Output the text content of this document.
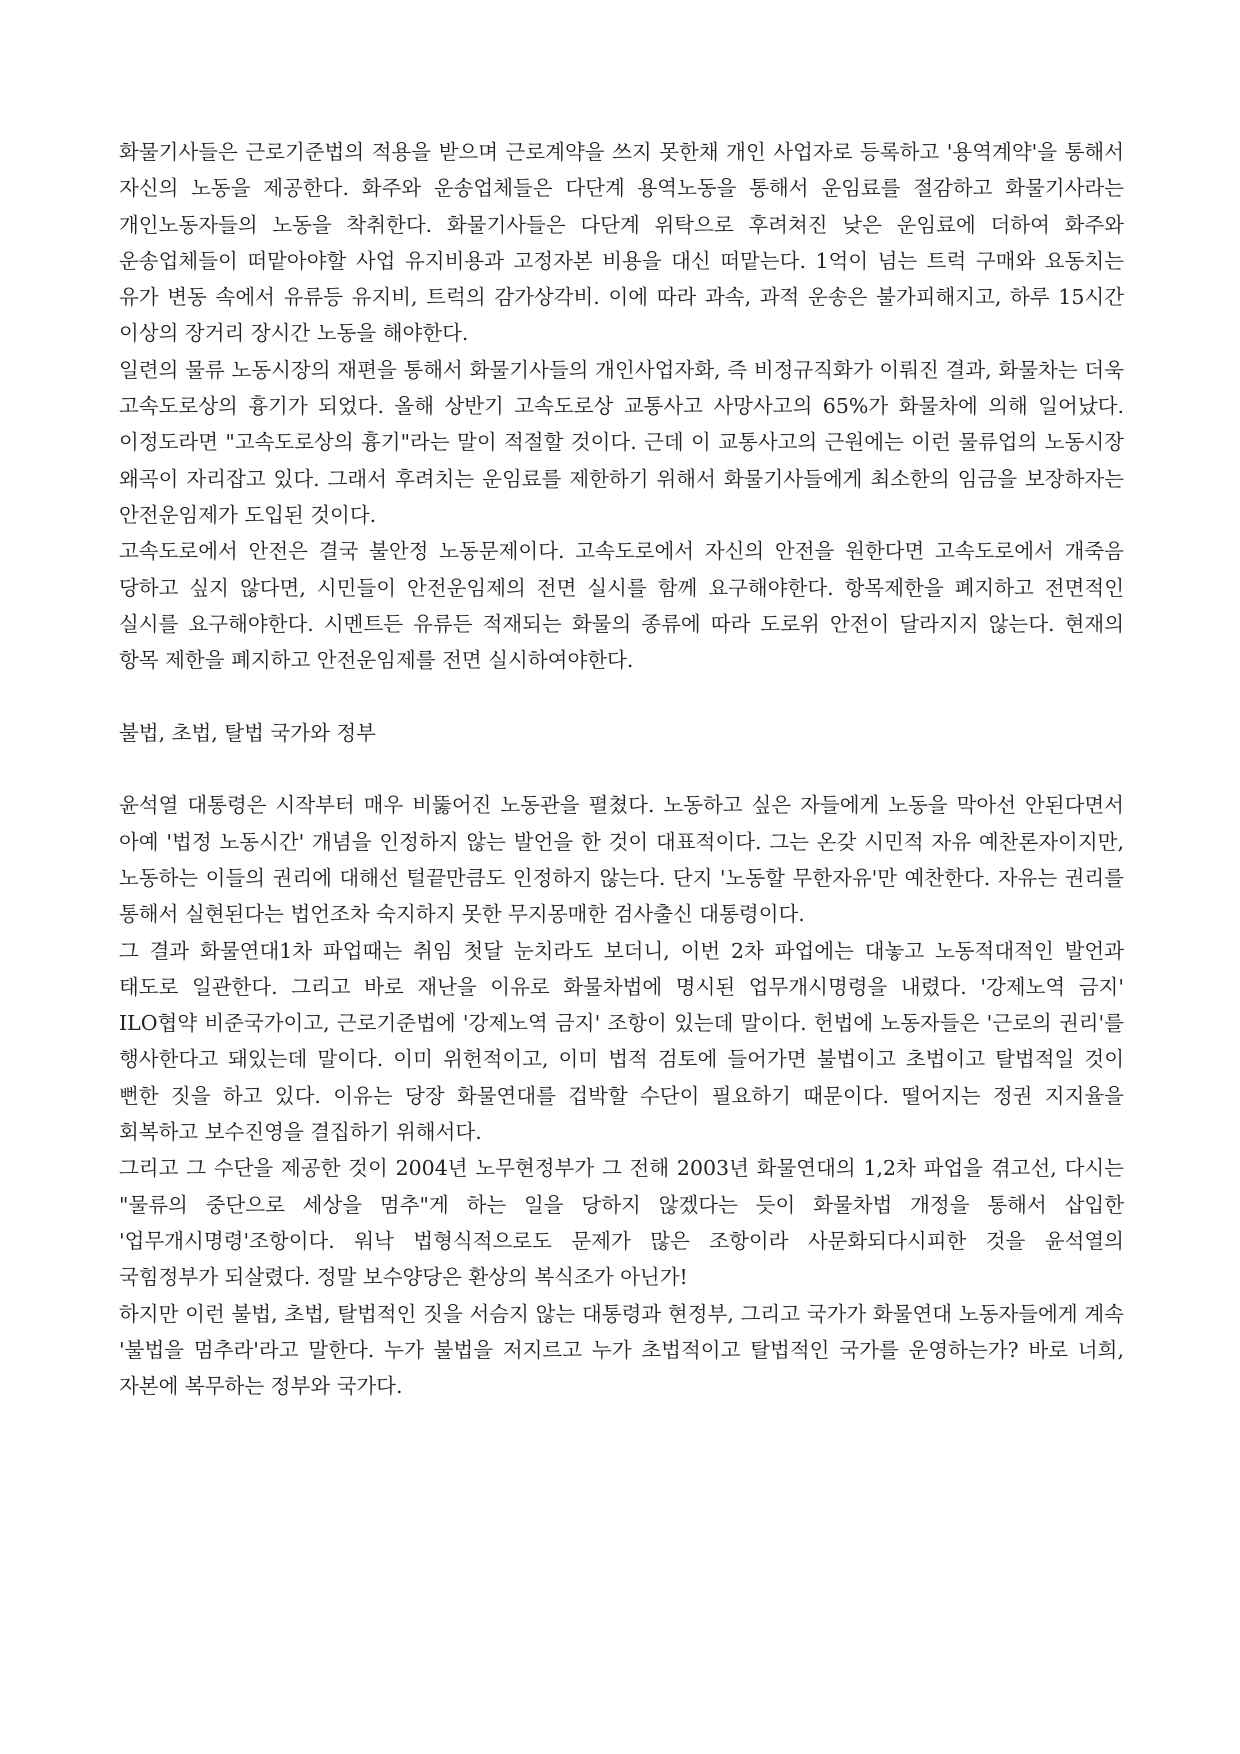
화물기사들은 근로기준법의 적용을 받으며 근로계약을 쓰지 못한채 개인 사업자로 등록하고 '용역계약'을 통해서 자신의 노동을 제공한다. 화주와 운송업체들은 다단계 용역노동을 통해서 운임료를 절감하고 화물기사라는 개인노동자들의 노동을 착취한다. 화물기사들은 다단계 위탁으로 후려쳐진 낮은 운임료에 더하여 화주와 운송업체들이 떠맡아야할 사업 유지비용과 고정자본 비용을 대신 떠맡는다. 1억이 넘는 트럭 구매와 요동치는 유가 변동 속에서 유류등 유지비, 트럭의 감가상각비. 이에 따라 과속, 과적 운송은 불가피해지고, 하루 15시간 이상의 장거리 장시간 노동을 해야한다.

일련의 물류 노동시장의 재편을 통해서 화물기사들의 개인사업자화, 즉 비정규직화가 이뤄진 결과, 화물차는 더욱 고속도로상의 흉기가 되었다. 올해 상반기 고속도로상 교통사고 사망사고의 65%가 화물차에 의해 일어났다. 이정도라면 "고속도로상의 흉기"라는 말이 적절할 것이다. 근데 이 교통사고의 근원에는 이런 물류업의 노동시장 왜곡이 자리잡고 있다. 그래서 후려치는 운임료를 제한하기 위해서 화물기사들에게 최소한의 임금을 보장하자는 안전운임제가 도입된 것이다.

고속도로에서 안전은 결국 불안정 노동문제이다. 고속도로에서 자신의 안전을 원한다면 고속도로에서 개죽음 당하고 싶지 않다면, 시민들이 안전운임제의 전면 실시를 함께 요구해야한다. 항목제한을 폐지하고 전면적인 실시를 요구해야한다. 시멘트든 유류든 적재되는 화물의 종류에 따라 도로위 안전이 달라지지 않는다. 현재의 항목 제한을 폐지하고 안전운임제를 전면 실시하여야한다.

불법, 초법, 탈법 국가와 정부

윤석열 대통령은 시작부터 매우 비뚫어진 노동관을 펼쳤다. 노동하고 싶은 자들에게 노동을 막아선 안된다면서 아예 '법정 노동시간' 개념을 인정하지 않는 발언을 한 것이 대표적이다. 그는 온갖 시민적 자유 예찬론자이지만, 노동하는 이들의 권리에 대해선 털끝만큼도 인정하지 않는다. 단지 '노동할 무한자유'만 예찬한다. 자유는 권리를 통해서 실현된다는 법언조차 숙지하지 못한 무지몽매한 검사출신 대통령이다.

그 결과 화물연대1차 파업때는 취임 첫달 눈치라도 보더니, 이번 2차 파업에는 대놓고 노동적대적인 발언과 태도로 일관한다. 그리고 바로 재난을 이유로 화물차법에 명시된 업무개시명령을 내렸다. '강제노역 금지' ILO협약 비준국가이고, 근로기준법에 '강제노역 금지' 조항이 있는데 말이다. 헌법에 노동자들은 '근로의 권리'를 행사한다고 돼있는데 말이다. 이미 위헌적이고, 이미 법적 검토에 들어가면 불법이고 초법이고 탈법적일 것이 뻔한 짓을 하고 있다. 이유는 당장 화물연대를 겁박할 수단이 필요하기 때문이다. 떨어지는 정권 지지율을 회복하고 보수진영을 결집하기 위해서다.

그리고 그 수단을 제공한 것이 2004년 노무현정부가 그 전해 2003년 화물연대의 1,2차 파업을 겪고선, 다시는 "물류의 중단으로 세상을 멈추"게 하는 일을 당하지 않겠다는 듯이 화물차법 개정을 통해서 삽입한 '업무개시명령'조항이다. 워낙 법형식적으로도 문제가 많은 조항이라 사문화되다시피한 것을 윤석열의 국힘정부가 되살렸다. 정말 보수양당은 환상의 복식조가 아닌가!

하지만 이런 불법, 초법, 탈법적인 짓을 서슴지 않는 대통령과 현정부, 그리고 국가가 화물연대 노동자들에게 계속 '불법을 멈추라'라고 말한다. 누가 불법을 저지르고 누가 초법적이고 탈법적인 국가를 운영하는가? 바로 너희, 자본에 복무하는 정부와 국가다.
